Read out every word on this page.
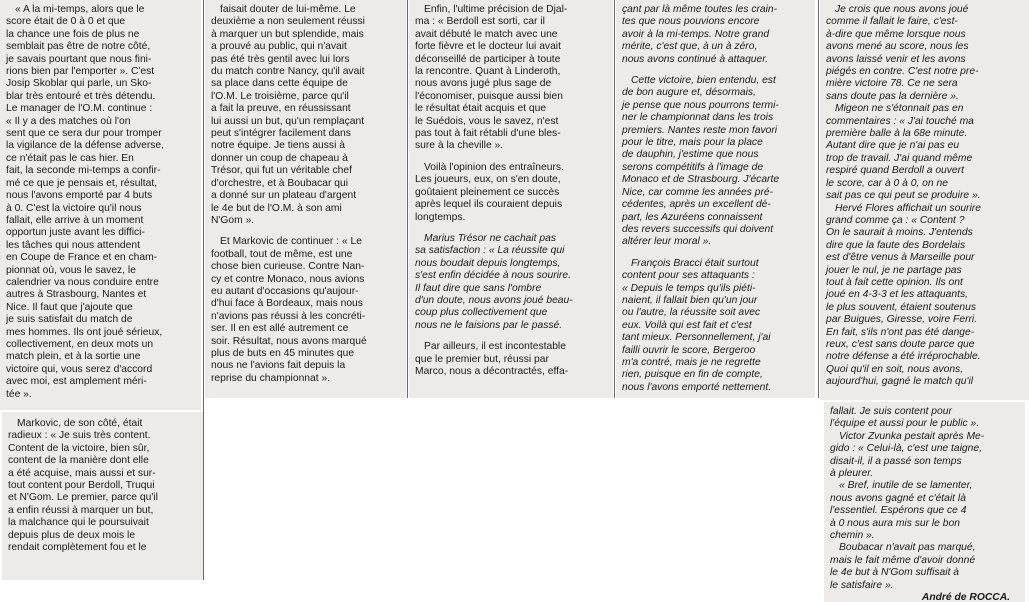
« A la mi-temps, alors que le
score était de 0 à 0 et que
la chance une fois de plus ne
semblait pas être de notre côté,
je savais pourtant que nous fini-
rions bien par l'emporter ». C'est
Josip Skoblar qui parle, un Sko-
blar très entouré et très détendu.
Le manager de l'O.M. continue :
« Il y a des matches où l'on
sent que ce sera dur pour tromper
la vigilance de la défense adverse,
ce n'était pas le cas hier. En
fait, la seconde mi-temps a confir-
mé ce que je pensais et, résultat,
nous l'avons emporté par 4 buts
à 0. C'est la victoire qu'il nous
fallait, elle arrive à un moment
opportun juste avant les diffici-
les tâches qui nous attendent
en Coupe de France et en cham-
pionnat où, vous le savez, le
calendrier va nous conduire entre
autres à Strasbourg, Nantes et
Nice. Il faut que j'ajoute que
je suis satisfait du match de
mes hommes. Ils ont joué sérieux,
collectivement, en deux mots un
match plein, et à la sortie une
victoire qui, vous serez d'accord
avec moi, est amplement méri-
tée ».

Markovic, de son côté, était
radieux : « Je suis très content.
Content de la victoire, bien sûr,
content de la manière dont elle
a été acquise, mais aussi et sur-
tout content pour Berdoll, Truqui
et N'Gom. Le premier, parce qu'il
a enfin réussi à marquer un but,
la malchance qui le poursuivait
depuis plus de deux mois le
rendait complètement fou et le

faisait douter de lui-même. Le
deuxième a non seulement réussi
à marquer un but splendide, mais
a prouvé au public, qui n'avait
pas été très gentil avec lui lors
du match contre Nancy, qu'il avait
sa place dans cette équipe de
l'O.M. Le troisième, parce qu'il
a fait la preuve, en réussissant
lui aussi un but, qu'un remplaçant
peut s'intégrer facilement dans
notre équipe. Je tiens aussi à
donner un coup de chapeau à
Trésor, qui fut un véritable chef
d'orchestre, et à Boubacar qui
a donné sur un plateau d'argent
le 4e but de l'O.M. à son ami
N'Gom ».

Et Markovic de continuer : « Le
football, tout de même, est une
chose bien curieuse. Contre Nan-
cy et contre Monaco, nous avions
eu autant d'occasions qu'aujour-
d'hui face à Bordeaux, mais nous
n'avions pas réussi à les concréti-
ser. Il en est allé autrement ce
soir. Résultat, nous avons marqué
plus de buts en 45 minutes que
nous ne l'avions fait depuis la
reprise du championnat ».

Enfin, l'ultime précision de Djal-
ma : « Berdoll est sorti, car il
avait débuté le match avec une
forte fièvre et le docteur lui avait
déconseillé de participer à toute
la rencontre. Quant à Linderoth,
nous avons jugé plus sage de
l'économiser, puisque aussi bien
le résultat était acquis et que
le Suédois, vous le savez, n'est
pas tout à fait rétabli d'une bles-
sure à la cheville ».

Voilà l'opinion des entraîneurs.
Les joueurs, eux, on s'en doute,
goûtaient pleinement ce succès
après lequel ils couraient depuis
longtemps.

Marius Trésor ne cachait pas
sa satisfaction : « La réussite qui
nous boudait depuis longtemps,
s'est enfin décidée à nous sourire.
Il faut dire que sans l'ombre
d'un doute, nous avons joué beau-
coup plus collectivement que
nous ne le faisions par le passé.

Par ailleurs, il est incontestable
que le premier but, réussi par
Marco, nous a décontractés, effa-

çant par là même toutes les crain-
tes que nous pouvions encore
avoir à la mi-temps. Notre grand
mérite, c'est que, à un à zéro,
nous avons continué à attaquer.

Cette victoire, bien entendu, est
de bon augure et, désormais,
je pense que nous pourrons termi-
ner le championnat dans les trois
premiers. Nantes reste mon favori
pour le titre, mais pour la place
de dauphin, j'estime que nous
serons compétitifs à l'image de
Monaco et de Strasbourg. J'écarte
Nice, car comme les années pré-
cédentes, après un excellent dé-
part, les Azuréens connaissent
des revers successifs qui doivent
altérer leur moral ».

François Bracci était surtout
content pour ses attaquants :
« Depuis le temps qu'ils piéti-
naient, il fallait bien qu'un jour
ou l'autre, la réussite soit avec
eux. Voilà qui est fait et c'est
tant mieux. Personnellement, j'ai
failli ouvrir le score, Bergeroo
m'a contré, mais je ne regrette
rien, puisque en fin de compte,
nous l'avons emporté nettement.

Je crois que nous avons joué
comme il fallait le faire, c'est-
à-dire que même lorsque nous
avons mené au score, nous les
avons laissé venir et les avons
piégés en contre. C'est notre pre-
mière victoire 78. Ce ne sera
sans doute pas la dernière ».

Migeon ne s'étonnait pas en
commentaires : « J'ai touché ma
première balle à la 68e minute.
Autant dire que je n'ai pas eu
trop de travail. J'ai quand même
respiré quand Berdoll a ouvert
le score, car à 0 à 0, on ne
sait pas ce qui peut se produire ».

Hervé Flores affichait un sourire
grand comme ça : « Content ?
On le saurait à moins. J'entends
dire que la faute des Bordelais
est d'être venus à Marseille pour
jouer le nul, je ne partage pas
tout à fait cette opinion. Ils ont
joué en 4-3-3 et les attaquants,
le plus souvent, étaient soutenus
par Buigues, Giresse, voire Ferri.
En fait, s'ils n'ont pas été dange-
reux, c'est sans doute parce que
notre défense a été irréprochable.
Quoi qu'il en soit, nous avons,
aujourd'hui, gagné le match qu'il

fallait. Je suis content pour
l'équipe et aussi pour le public ».

Victor Zvunka pestait après Me-
gido : « Celui-là, c'est une taigne,
disait-il, il a passé son temps
à pleurer.

« Bref, inutile de se lamenter,
nous avons gagné et c'était là
l'essentiel. Espérons que ce 4
à 0 nous aura mis sur le bon
chemin ».

Boubacar n'avait pas marqué,
mais le fait même d'avoir donné
le 4e but à N'Gom suffisait à
le satisfaire ».

André de ROCCA.
